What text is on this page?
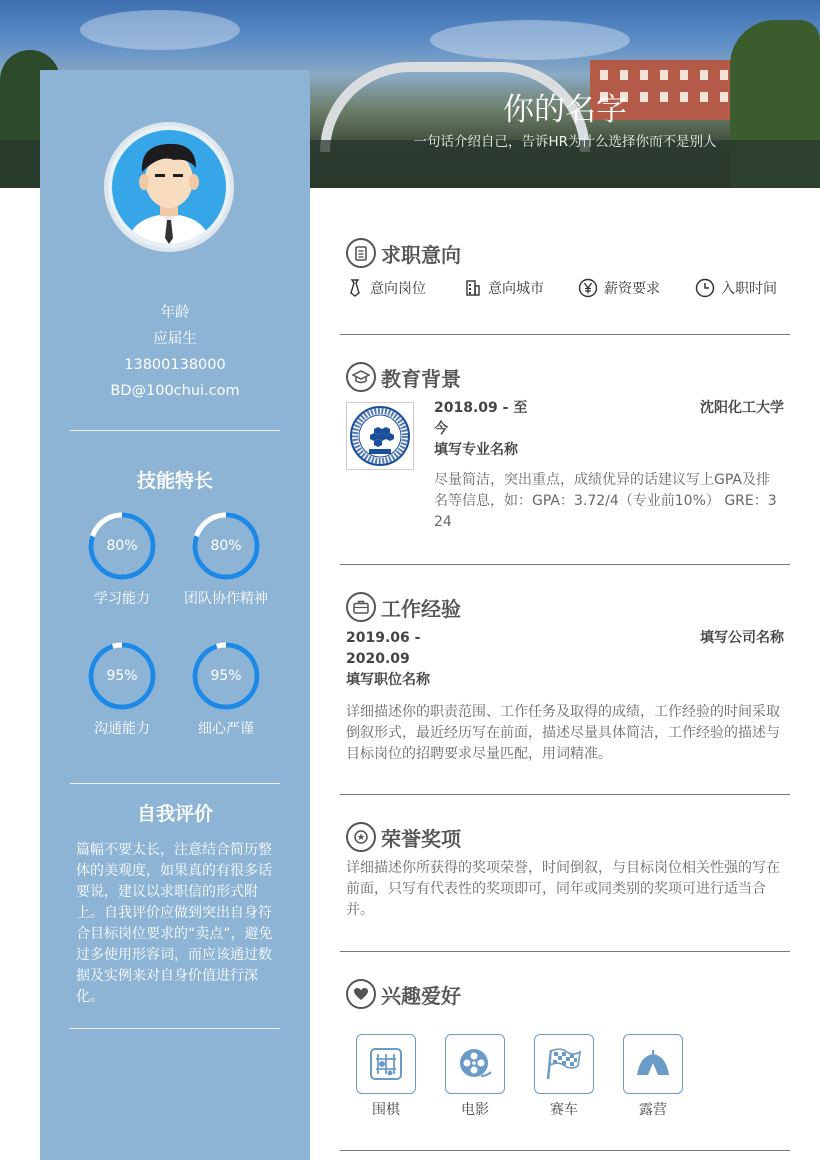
你的名字
一句话介绍自己，告诉HR为什么选择你而不是别人
年龄
应届生
13800138000
BD@100chui.com
技能特长
80%
学习能力
80%
团队协作精神
95%
沟通能力
95%
细心严谨
自我评价
篇幅不要太长，注意结合简历整体的美观度，如果真的有很多话要说，建议以求职信的形式附上。自我评价应做到突出自身符合目标岗位要求的“卖点”，避免过多使用形容词，而应该通过数据及实例来对自身价值进行深化。
求职意向
意向岗位	意向城市	薪资要求	入职时间
教育背景
2018.09 - 至
今
沈阳化工大学
填写专业名称
尽量简洁，突出重点，成绩优异的话建议写上GPA及排名等信息，如：GPA：3.72/4（专业前10%） GRE：324
工作经验
2019.06 -
2020.09
填写公司名称
填写职位名称
详细描述你的职责范围、工作任务及取得的成绩，工作经验的时间采取倒叙形式，最近经历写在前面，描述尽量具体简洁，工作经验的描述与目标岗位的招聘要求尽量匹配，用词精准。
荣誉奖项
详细描述你所获得的奖项荣誉，时间倒叙，与目标岗位相关性强的写在前面，只写有代表性的奖项即可，同年或同类别的奖项可进行适当合并。
兴趣爱好
围棋	电影	赛车	露营
